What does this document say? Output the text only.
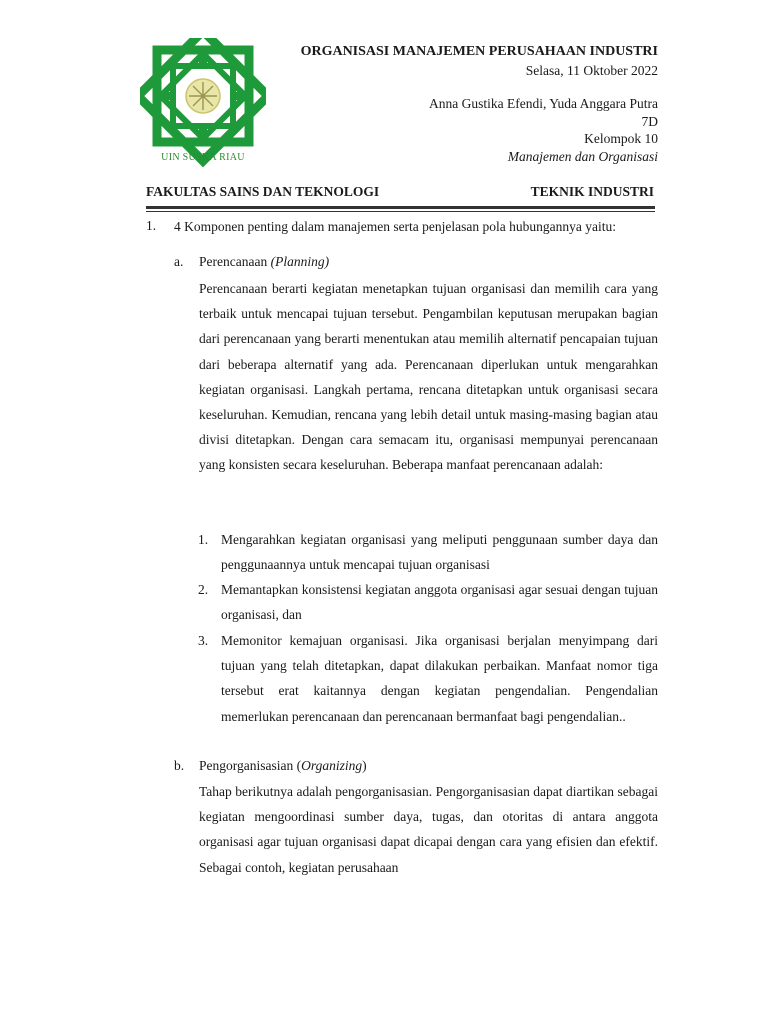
UIN SUSKA RIAU
ORGANISASI MANAJEMEN PERUSAHAAN INDUSTRI
Selasa, 11 Oktober 2022
Anna Gustika Efendi, Yuda Anggara Putra
7D
Kelompok 10
Manajemen dan Organisasi
FAKULTAS SAINS DAN TEKNOLOGI	TEKNIK INDUSTRI
1. 4 Komponen penting dalam manajemen serta penjelasan pola hubungannya yaitu:
a. Perencanaan (Planning)
Perencanaan berarti kegiatan menetapkan tujuan organisasi dan memilih cara yang terbaik untuk mencapai tujuan tersebut. Pengambilan keputusan merupakan bagian dari perencanaan yang berarti menentukan atau memilih alternatif pencapaian tujuan dari beberapa alternatif yang ada. Perencanaan diperlukan untuk mengarahkan kegiatan organisasi. Langkah pertama, rencana ditetapkan untuk organisasi secara keseluruhan. Kemudian, rencana yang lebih detail untuk masing-masing bagian atau divisi ditetapkan. Dengan cara semacam itu, organisasi mempunyai perencanaan yang konsisten secara keseluruhan. Beberapa manfaat perencanaan adalah:
1. Mengarahkan kegiatan organisasi yang meliputi penggunaan sumber daya dan penggunaannya untuk mencapai tujuan organisasi
2. Memantapkan konsistensi kegiatan anggota organisasi agar sesuai dengan tujuan organisasi, dan
3. Memonitor kemajuan organisasi. Jika organisasi berjalan menyimpang dari tujuan yang telah ditetapkan, dapat dilakukan perbaikan. Manfaat nomor tiga tersebut erat kaitannya dengan kegiatan pengendalian. Pengendalian memerlukan perencanaan dan perencanaan bermanfaat bagi pengendalian..
b. Pengorganisasian (Organizing)
Tahap berikutnya adalah pengorganisasian. Pengorganisasian dapat diartikan sebagai kegiatan mengoordinasi sumber daya, tugas, dan otoritas di antara anggota organisasi agar tujuan organisasi dapat dicapai dengan cara yang efisien dan efektif. Sebagai contoh, kegiatan perusahaan
